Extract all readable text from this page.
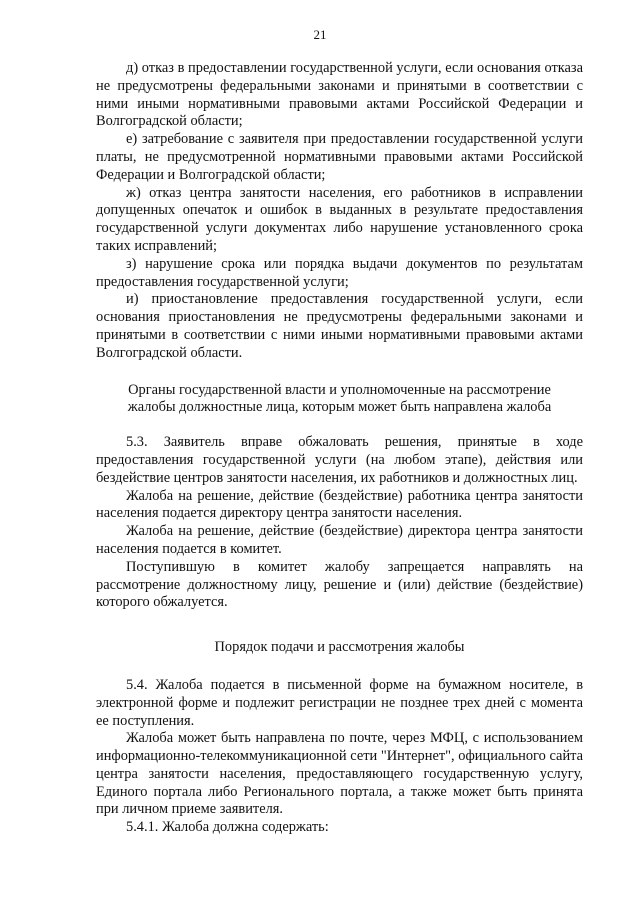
21

д) отказ в предоставлении государственной услуги, если основания отказа не предусмотрены федеральными законами и принятыми в соответствии с ними иными нормативными правовыми актами Российской Федерации и Волгоградской области;

е) затребование с заявителя при предоставлении государственной услуги платы, не предусмотренной нормативными правовыми актами Российской Федерации и Волгоградской области;

ж) отказ центра занятости населения, его работников в исправлении допущенных опечаток и ошибок в выданных в результате предоставления государственной услуги документах либо нарушение установленного срока таких исправлений;

з) нарушение срока или порядка выдачи документов по результатам предоставления государственной услуги;

и) приостановление предоставления государственной услуги, если основания приостановления не предусмотрены федеральными законами и принятыми в соответствии с ними иными нормативными правовыми актами Волгоградской области.

Органы государственной власти и уполномоченные на рассмотрение жалобы должностные лица, которым может быть направлена жалоба

5.3. Заявитель вправе обжаловать решения, принятые в ходе предоставления государственной услуги (на любом этапе), действия или бездействие центров занятости населения, их работников и должностных лиц.

Жалоба на решение, действие (бездействие) работника центра занятости населения подается директору центра занятости населения.

Жалоба на решение, действие (бездействие) директора центра занятости населения подается в комитет.

Поступившую в комитет жалобу запрещается направлять на рассмотрение должностному лицу, решение и (или) действие (бездействие) которого обжалуется.

Порядок подачи и рассмотрения жалобы

5.4. Жалоба подается в письменной форме на бумажном носителе, в электронной форме и подлежит регистрации не позднее трех дней с момента ее поступления.

Жалоба может быть направлена по почте, через МФЦ, с использованием информационно-телекоммуникационной сети "Интернет", официального сайта центра занятости населения, предоставляющего государственную услугу, Единого портала либо Регионального портала, а также может быть принята при личном приеме заявителя.

5.4.1. Жалоба должна содержать:
